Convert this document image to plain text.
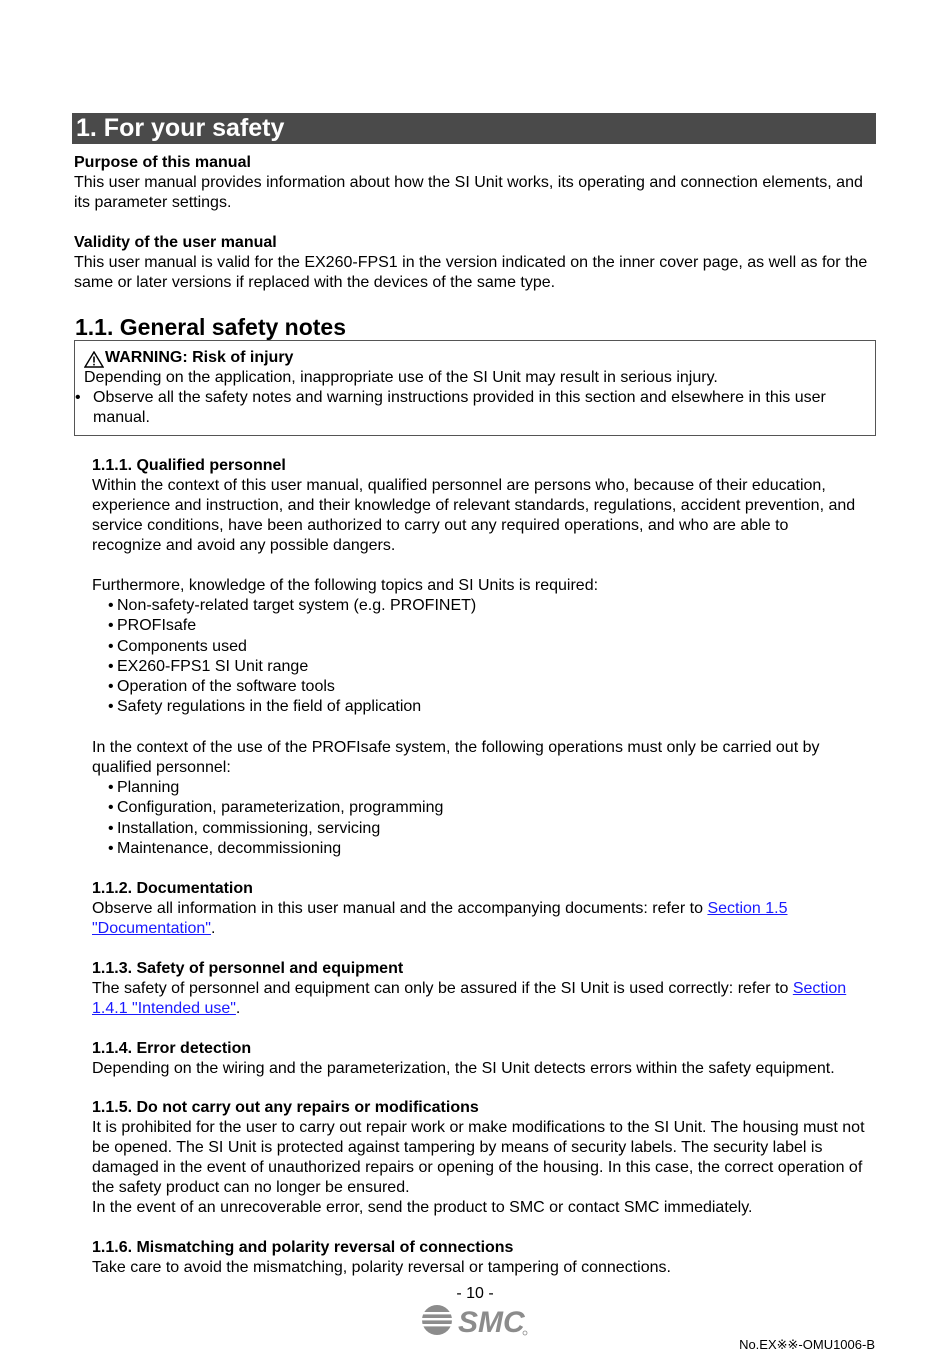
1. For your safety

Purpose of this manual

This user manual provides information about how the SI Unit works, its operating and connection elements, and its parameter settings.

Validity of the user manual

This user manual is valid for the EX260-FPS1 in the version indicated on the inner cover page, as well as for the same or later versions if replaced with the devices of the same type.

1.1. General safety notes
WARNING: Risk of injury

Depending on the application, inappropriate use of the SI Unit may result in serious injury.

• Observe all the safety notes and warning instructions provided in this section and elsewhere in this user manual.

1.1.1. Qualified personnel

Within the context of this user manual, qualified personnel are persons who, because of their education, experience and instruction, and their knowledge of relevant standards, regulations, accident prevention, and service conditions, have been authorized to carry out any required operations, and who are able to recognize and avoid any possible dangers.

Furthermore, knowledge of the following topics and SI Units is required:

• Non-safety-related target system (e.g. PROFINET)
• PROFIsafe
• Components used
• EX260-FPS1 SI Unit range
• Operation of the software tools
• Safety regulations in the field of application

In the context of the use of the PROFIsafe system, the following operations must only be carried out by qualified personnel:

• Planning
• Configuration, parameterization, programming
• Installation, commissioning, servicing
• Maintenance, decommissioning

1.1.2. Documentation

Observe all information in this user manual and the accompanying documents: refer to Section 1.5 "Documentation".

1.1.3. Safety of personnel and equipment

The safety of personnel and equipment can only be assured if the SI Unit is used correctly: refer to Section 1.4.1 "Intended use".

1.1.4. Error detection

Depending on the wiring and the parameterization, the SI Unit detects errors within the safety equipment.

1.1.5. Do not carry out any repairs or modifications

It is prohibited for the user to carry out repair work or make modifications to the SI Unit. The housing must not be opened. The SI Unit is protected against tampering by means of security labels. The security label is damaged in the event of unauthorized repairs or opening of the housing. In this case, the correct operation of the safety product can no longer be ensured.

In the event of an unrecoverable error, send the product to SMC or contact SMC immediately.

1.1.6. Mismatching and polarity reversal of connections

Take care to avoid the mismatching, polarity reversal or tampering of connections.

- 10 -
SMC
No.EX※※-OMU1006-B
